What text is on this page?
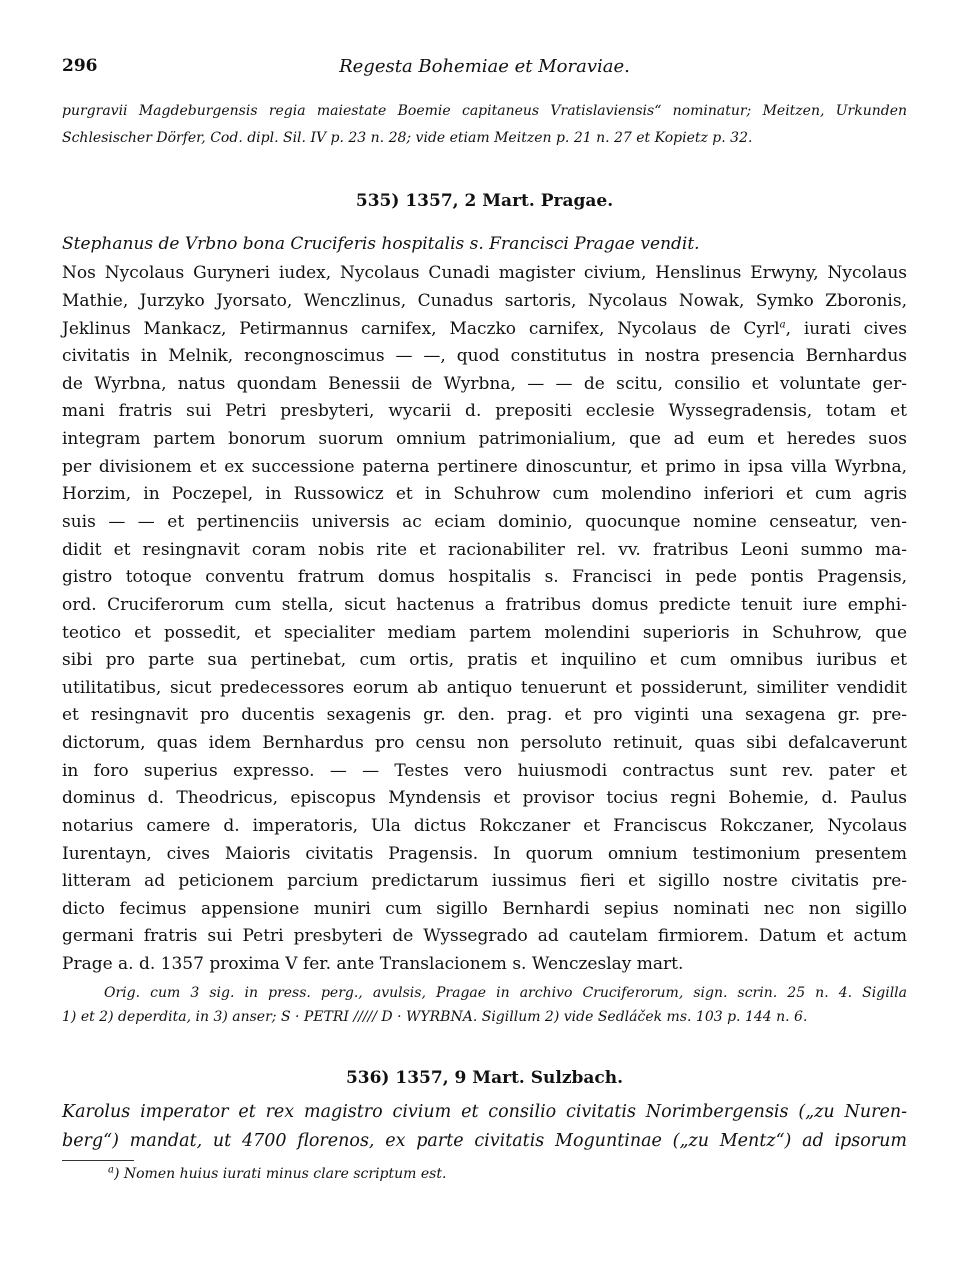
296	Regesta Bohemiae et Moraviae.
purgravii Magdeburgensis regia maiestate Boemie capitaneus Vratislaviensis“ nominatur; Meitzen, Urkunden
Schlesischer Dörfer, Cod. dipl. Sil. IV p. 23 n. 28; vide etiam Meitzen p. 21 n. 27 et Kopietz p. 32.
535) 1357, 2 Mart. Pragae.
Stephanus de Vrbno bona Cruciferis hospitalis s. Francisci Pragae vendit.
Nos Nycolaus Guryneri iudex, Nycolaus Cunadi magister civium, Henslinus Erwyny, Nycolaus
Mathie, Jurzyko Jyorsato, Wenczlinus, Cunadus sartoris, Nycolaus Nowak, Symko Zboronis,
Jeklinus Mankacz, Petirmannus carnifex, Maczko carnifex, Nycolaus de Cyrl$^a$, iurati cives
civitatis in Melnik, recongnoscimus — —, quod constitutus in nostra presencia Bernhardus
de Wyrbna, natus quondam Benessii de Wyrbna, — — de scitu, consilio et voluntate ger-
mani fratris sui Petri presbyteri, wycarii d. prepositi ecclesie Wyssegradensis, totam et
integram partem bonorum suorum omnium patrimonialium, que ad eum et heredes suos
per divisionem et ex successione paterna pertinere dinoscuntur, et primo in ipsa villa Wyrbna,
Horzim, in Poczepel, in Russowicz et in Schuhrow cum molendino inferiori et cum agris
suis — — et pertinenciis universis ac eciam dominio, quocunque nomine censeatur, ven-
didit et resingnavit coram nobis rite et racionabiliter rel. vv. fratribus Leoni summo ma-
gistro totoque conventu fratrum domus hospitalis s. Francisci in pede pontis Pragensis,
ord. Cruciferorum cum stella, sicut hactenus a fratribus domus predicte tenuit iure emphi-
teotico et possedit, et specialiter mediam partem molendini superioris in Schuhrow, que
sibi pro parte sua pertinebat, cum ortis, pratis et inquilino et cum omnibus iuribus et
utilitatibus, sicut predecessores eorum ab antiquo tenuerunt et possiderunt, similiter vendidit
et resingnavit pro ducentis sexagenis gr. den. prag. et pro viginti una sexagena gr. pre-
dictorum, quas idem Bernhardus pro censu non persoluto retinuit, quas sibi defalcaverunt
in foro superius expresso. — — Testes vero huiusmodi contractus sunt rev. pater et
dominus d. Theodricus, episcopus Myndensis et provisor tocius regni Bohemie, d. Paulus
notarius camere d. imperatoris, Ula dictus Rokczaner et Franciscus Rokczaner, Nycolaus
Iurentayn, cives Maioris civitatis Pragensis. In quorum omnium testimonium presentem
litteram ad peticionem parcium predictarum iussimus fieri et sigillo nostre civitatis pre-
dicto fecimus appensione muniri cum sigillo Bernhardi sepius nominati nec non sigillo
germani fratris sui Petri presbyteri de Wyssegrado ad cautelam firmiorem. Datum et actum
Prage a. d. 1357 proxima V fer. ante Translacionem s. Wenczeslay mart.
Orig. cum 3 sig. in press. perg., avulsis, Pragae in archivo Cruciferorum, sign. scrin. 25 n. 4. Sigilla
1) et 2) deperdita, in 3) anser; S · PETRI ///// D · WYRBNA. Sigillum 2) vide Sedláček ms. 103 p. 144 n. 6.
536) 1357, 9 Mart. Sulzbach.
Karolus imperator et rex magistro civium et consilio civitatis Norimbergensis („zu Nuren-
berg“) mandat, ut 4700 florenos, ex parte civitatis Moguntinae („zu Mentz“) ad ipsorum
$^a$) Nomen huius iurati minus clare scriptum est.
